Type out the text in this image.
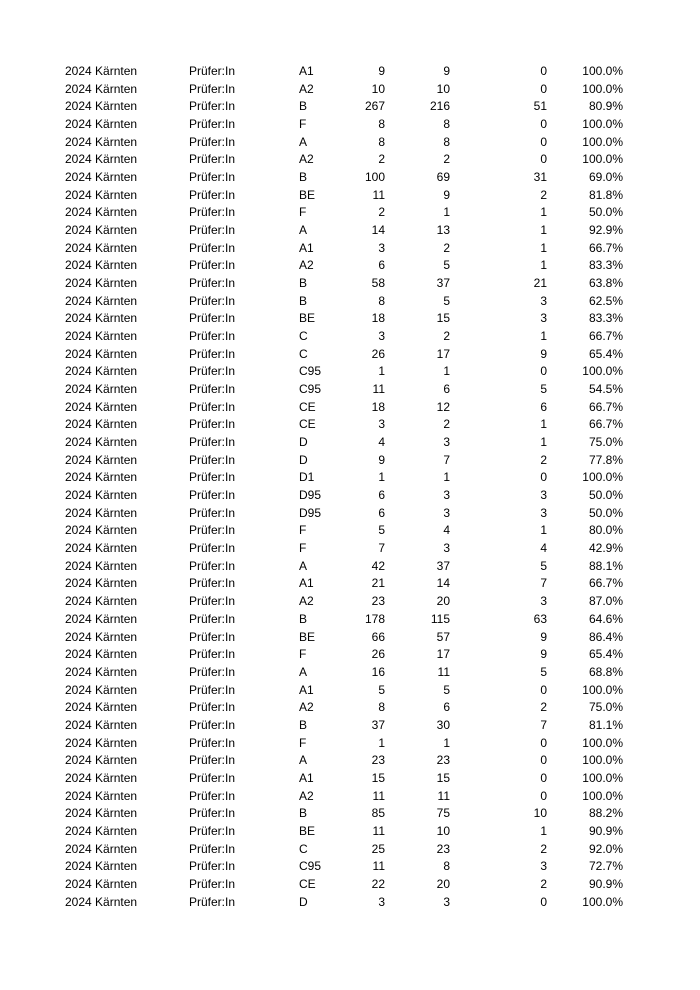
2024 Kärnten	Prüfer:In	A1	9	9	0	100.0%
2024 Kärnten	Prüfer:In	A2	10	10	0	100.0%
2024 Kärnten	Prüfer:In	B	267	216	51	80.9%
2024 Kärnten	Prüfer:In	F	8	8	0	100.0%
2024 Kärnten	Prüfer:In	A	8	8	0	100.0%
2024 Kärnten	Prüfer:In	A2	2	2	0	100.0%
2024 Kärnten	Prüfer:In	B	100	69	31	69.0%
2024 Kärnten	Prüfer:In	BE	11	9	2	81.8%
2024 Kärnten	Prüfer:In	F	2	1	1	50.0%
2024 Kärnten	Prüfer:In	A	14	13	1	92.9%
2024 Kärnten	Prüfer:In	A1	3	2	1	66.7%
2024 Kärnten	Prüfer:In	A2	6	5	1	83.3%
2024 Kärnten	Prüfer:In	B	58	37	21	63.8%
2024 Kärnten	Prüfer:In	B	8	5	3	62.5%
2024 Kärnten	Prüfer:In	BE	18	15	3	83.3%
2024 Kärnten	Prüfer:In	C	3	2	1	66.7%
2024 Kärnten	Prüfer:In	C	26	17	9	65.4%
2024 Kärnten	Prüfer:In	C95	1	1	0	100.0%
2024 Kärnten	Prüfer:In	C95	11	6	5	54.5%
2024 Kärnten	Prüfer:In	CE	18	12	6	66.7%
2024 Kärnten	Prüfer:In	CE	3	2	1	66.7%
2024 Kärnten	Prüfer:In	D	4	3	1	75.0%
2024 Kärnten	Prüfer:In	D	9	7	2	77.8%
2024 Kärnten	Prüfer:In	D1	1	1	0	100.0%
2024 Kärnten	Prüfer:In	D95	6	3	3	50.0%
2024 Kärnten	Prüfer:In	D95	6	3	3	50.0%
2024 Kärnten	Prüfer:In	F	5	4	1	80.0%
2024 Kärnten	Prüfer:In	F	7	3	4	42.9%
2024 Kärnten	Prüfer:In	A	42	37	5	88.1%
2024 Kärnten	Prüfer:In	A1	21	14	7	66.7%
2024 Kärnten	Prüfer:In	A2	23	20	3	87.0%
2024 Kärnten	Prüfer:In	B	178	115	63	64.6%
2024 Kärnten	Prüfer:In	BE	66	57	9	86.4%
2024 Kärnten	Prüfer:In	F	26	17	9	65.4%
2024 Kärnten	Prüfer:In	A	16	11	5	68.8%
2024 Kärnten	Prüfer:In	A1	5	5	0	100.0%
2024 Kärnten	Prüfer:In	A2	8	6	2	75.0%
2024 Kärnten	Prüfer:In	B	37	30	7	81.1%
2024 Kärnten	Prüfer:In	F	1	1	0	100.0%
2024 Kärnten	Prüfer:In	A	23	23	0	100.0%
2024 Kärnten	Prüfer:In	A1	15	15	0	100.0%
2024 Kärnten	Prüfer:In	A2	11	11	0	100.0%
2024 Kärnten	Prüfer:In	B	85	75	10	88.2%
2024 Kärnten	Prüfer:In	BE	11	10	1	90.9%
2024 Kärnten	Prüfer:In	C	25	23	2	92.0%
2024 Kärnten	Prüfer:In	C95	11	8	3	72.7%
2024 Kärnten	Prüfer:In	CE	22	20	2	90.9%
2024 Kärnten	Prüfer:In	D	3	3	0	100.0%
